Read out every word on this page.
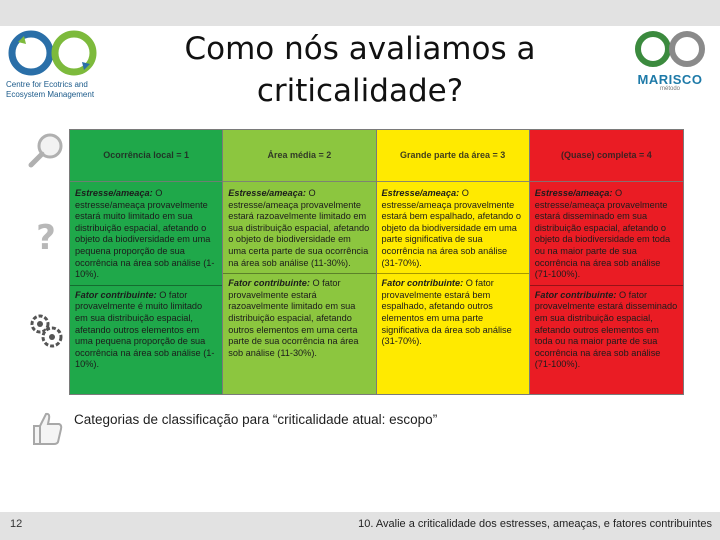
Centre for Ecotrics and
Ecosystem Management
Como nós avaliamos a
criticalidade?	MARISCO
método
?
Ocorrência local = 1
Estresse/ameaça: O estresse/ameaça provavelmente estará muito limitado em sua distribuição espacial, afetando o objeto da biodiversidade em uma pequena proporção de sua ocorrência na área sob análise (1-10%).
Fator contribuinte: O fator provavelmente é muito limitado em sua distribuição espacial, afetando outros elementos em uma pequena proporção de sua ocorrência na área sob análise (1-10%).
Área média = 2
Estresse/ameaça: O estresse/ameaça provavelmente estará razoavelmente limitado em sua distribuição espacial, afetando o objeto de biodiversidade em uma certa parte de sua ocorrência na área sob análise (11-30%).
Fator contribuinte: O fator provavelmente estará razoavelmente limitado em sua distribuição espacial, afetando outros elementos em uma certa parte de sua ocorrência na área sob análise (11-30%).
Grande parte da área = 3
Estresse/ameaça: O estresse/ameaça provavelmente estará bem espalhado, afetando o objeto da biodiversidade em uma parte significativa de sua ocorrência na área sob análise (31-70%).
Fator contribuinte: O fator provavelmente estará bem espalhado, afetando outros elementos em uma parte significativa da área sob análise (31-70%).
(Quase) completa = 4
Estresse/ameaça: O estresse/ameaça provavelmente estará disseminado em sua distribuição espacial, afetando o objeto da biodiversidade em toda ou na maior parte de sua ocorrência na área sob análise (71-100%).
Fator contribuinte: O fator provavelmente estará disseminado em sua distribuição espacial, afetando outros elementos em toda ou na maior parte de sua ocorrência na área sob análise (71-100%).
Categorias de classificação para “criticalidade atual: escopo”
12	10. Avalie a criticalidade dos estresses, ameaças, e fatores contribuintes
